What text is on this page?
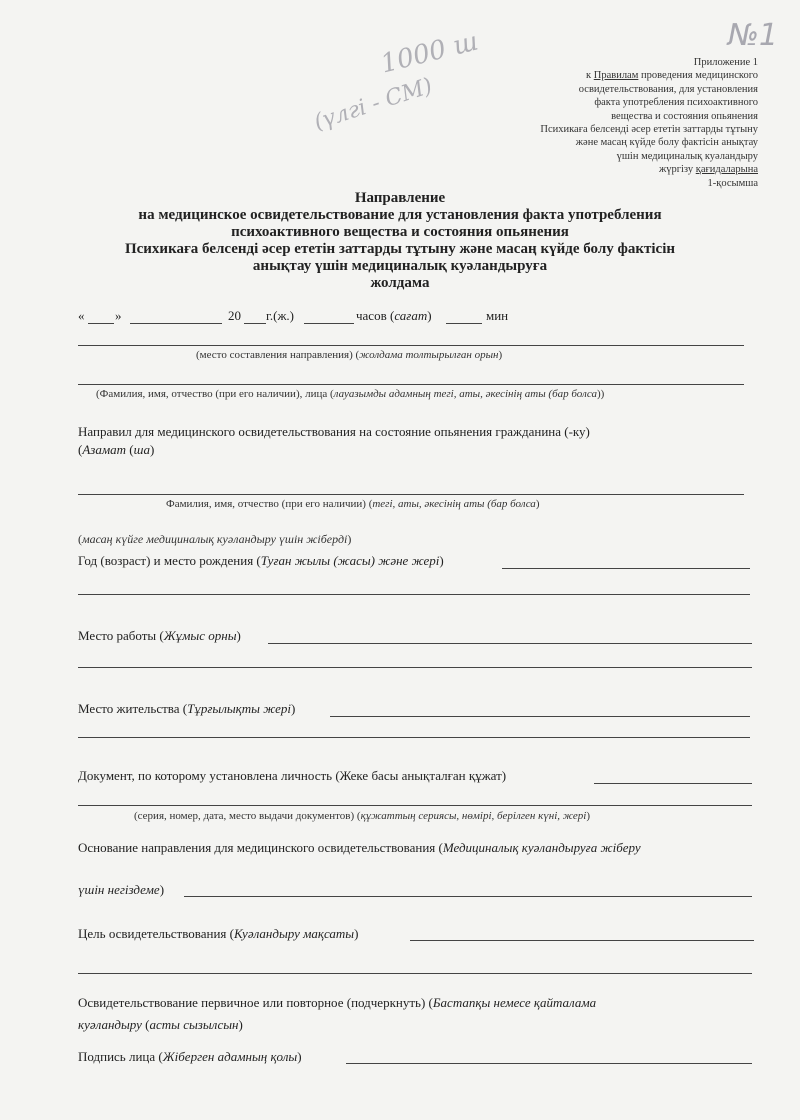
№1
1000 ш
(үлгі - СМ)
Приложение 1
к Правилам проведения медицинского
освидетельствования, для установления
факта употребления психоактивного
вещества и состояния опьянения
Психикаға белсенді әсер ететін заттарды тұтыну
және масаң күйде болу фактісін анықтау
үшін медициналық куәландыру
жүргізу қағидаларына
1-қосымша
Направление
на медицинское освидетельствование для установления факта употребления
психоактивного вещества и состояния опьянения
Психикаға белсенді әсер ететін заттарды тұтыну және масаң күйде болу фактісін
анықтау үшін медициналық куәландыруға
жолдама
« »	20 г.(ж.)	часов (сағат)	мин
(место составления направления) (жолдама толтырылған орын)
(Фамилия, имя, отчество (при его наличии), лица (лауазымды адамның тегі, аты, әкесінің аты (бар болса))
Направил для медицинского освидетельствования на состояние опьянения гражданина (-ку)
(Азамат (ша)
Фамилия, имя, отчество (при его наличии) (тегі, аты, әкесінің аты (бар болса)
(масаң күйге медициналық куәландыру үшін жіберді)
Год (возраст) и место рождения (Туған жылы (жасы) және жері)
Место работы (Жұмыс орны)
Место жительства (Тұрғылықты жері)
Документ, по которому установлена личность (Жеке басы анықталған құжат)
(серия, номер, дата, место выдачи документов) (құжаттың сериясы, нөмірі, берілген күні, жері)
Основание направления для медицинского освидетельствования (Медициналық куәландыруға жіберу
үшін негіздеме)
Цель освидетельствования (Куәландыру мақсаты)
Освидетельствование первичное или повторное (подчеркнуть) (Бастапқы немесе қайталама
куәландыру (асты сызылсын)
Подпись лица (Жіберген адамның қолы)
